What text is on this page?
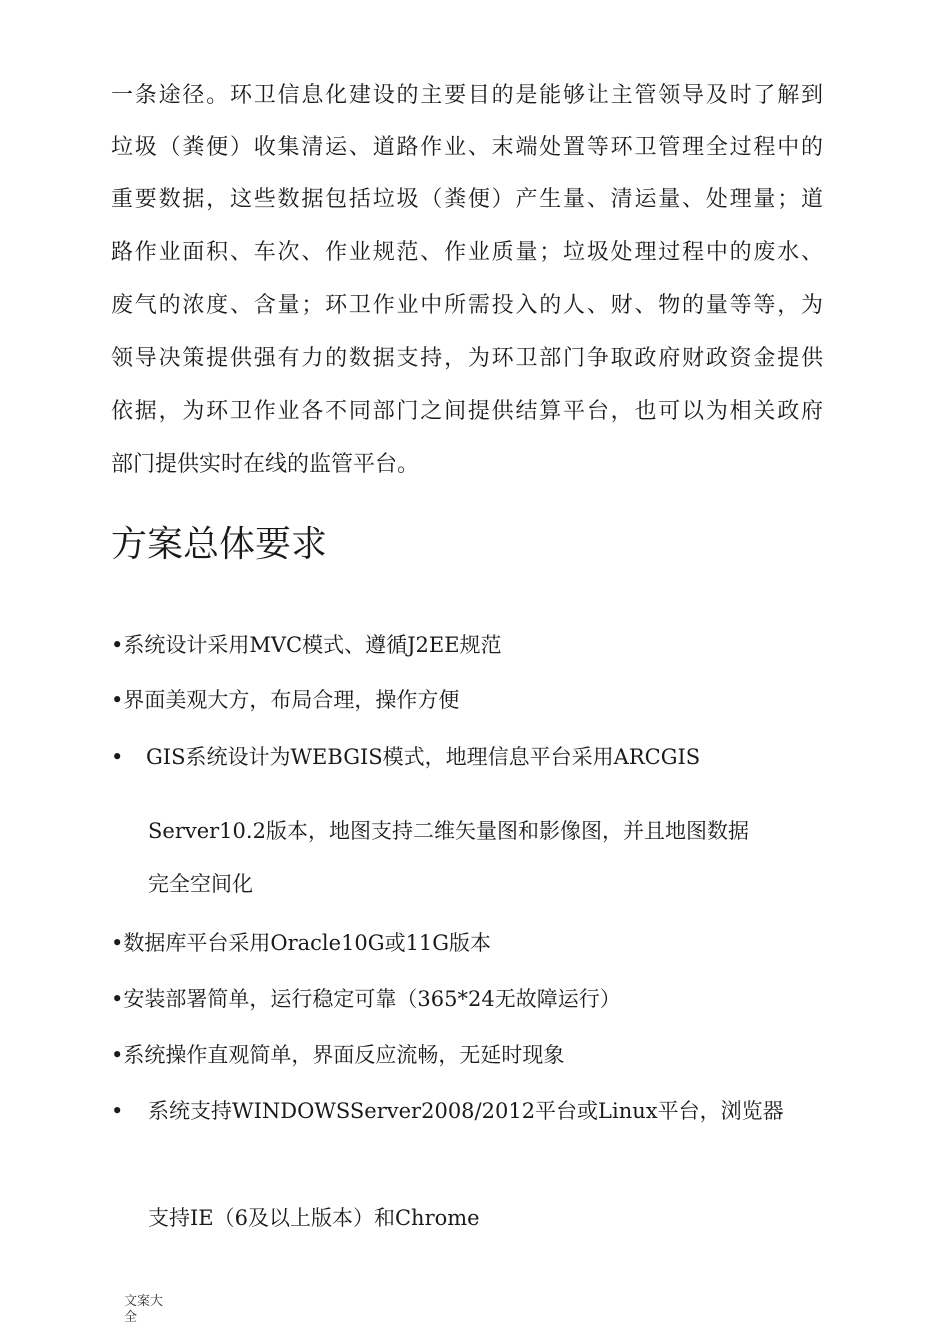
一条途径。环卫信息化建设的主要目的是能够让主管领导及时了解到
垃圾（粪便）收集清运、道路作业、末端处置等环卫管理全过程中的
重要数据，这些数据包括垃圾（粪便）产生量、清运量、处理量；道
路作业面积、车次、作业规范、作业质量；垃圾处理过程中的废水、
废气的浓度、含量；环卫作业中所需投入的人、财、物的量等等，为
领导决策提供强有力的数据支持，为环卫部门争取政府财政资金提供
依据，为环卫作业各不同部门之间提供结算平台，也可以为相关政府
部门提供实时在线的监管平台。
方案总体要求
•系统设计采用MVC模式、遵循J2EE规范
•界面美观大方，布局合理，操作方便
• GIS系统设计为WEBGIS模式，地理信息平台采用ARCGIS
Server10.2版本，地图支持二维矢量图和影像图，并且地图数据
完全空间化
•数据库平台采用Oracle10G或11G版本
•安装部署简单，运行稳定可靠（365*24无故障运行）
•系统操作直观简单，界面反应流畅，无延时现象
• 系统支持WINDOWSServer2008/2012平台或Linux平台，浏览器
支持IE（6及以上版本）和Chrome
文案大全
